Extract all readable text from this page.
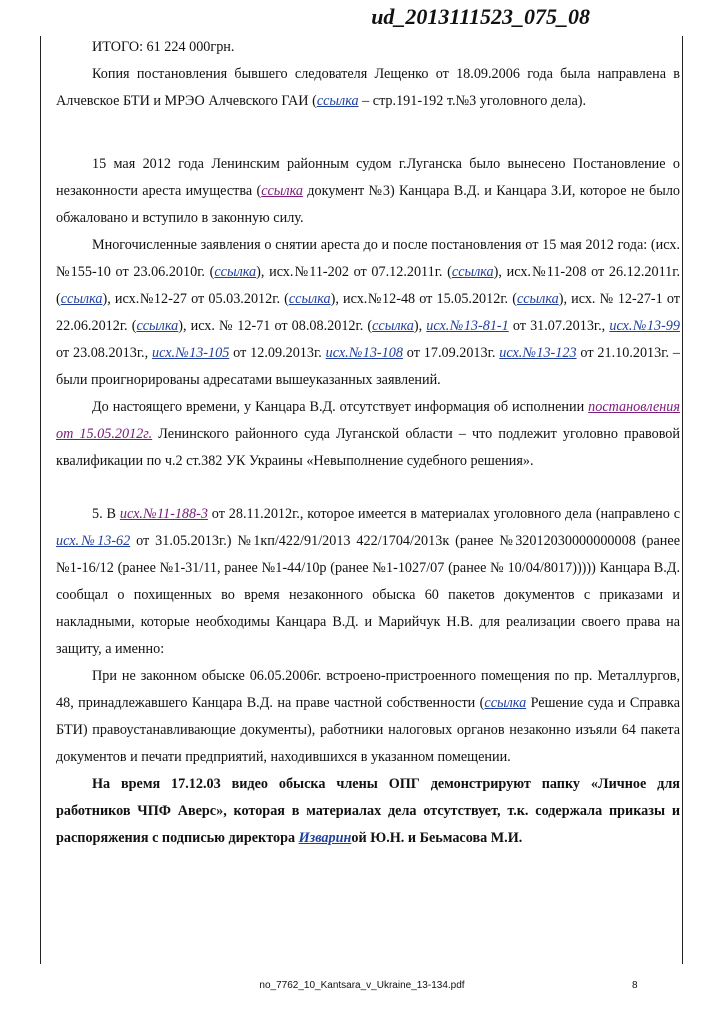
ud_2013111523_075_08

ИТОГО: 61 224 000грн.

Копия постановления бывшего следователя Лещенко от 18.09.2006 года была направлена в Алчевское БТИ и МРЭО Алчевского ГАИ (ссылка – стр.191-192 т.№3 уголовного дела).

15 мая 2012 года Ленинским районным судом г.Луганска было вынесено Постановление о незаконности ареста имущества (ссылка документ №3) Канцара В.Д. и Канцара З.И, которое не было обжаловано и вступило в законную силу.

Многочисленные заявления о снятии ареста до и после постановления от 15 мая 2012 года: (исх.№155-10 от 23.06.2010г. (ссылка), исх.№11-202 от 07.12.2011г. (ссылка), исх.№11-208 от 26.12.2011г. (ссылка), исх.№12-27 от 05.03.2012г. (ссылка), исх.№12-48 от 15.05.2012г. (ссылка), исх. № 12-27-1 от 22.06.2012г. (ссылка), исх. № 12-71 от 08.08.2012г. (ссылка), исх.№13-81-1 от 31.07.2013г., исх.№13-99 от 23.08.2013г., исх.№13-105 от 12.09.2013г. исх.№13-108 от 17.09.2013г. исх.№13-123 от 21.10.2013г. – были проигнорированы адресатами вышеуказанных заявлений.

До настоящего времени, у Канцара В.Д. отсутствует информация об исполнении постановления от 15.05.2012г. Ленинского районного суда Луганской области – что подлежит уголовно правовой квалификации по ч.2 ст.382 УК Украины «Невыполнение судебного решения».

5. В исх.№11-188-3 от 28.11.2012г., которое имеется в материалах уголовного дела (направлено с исх.№13-62 от 31.05.2013г.) №1кп/422/91/2013 422/1704/2013к (ранее №32012030000000008 (ранее №1-16/12 (ранее №1-31/11, ранее №1-44/10р (ранее №1-1027/07 (ранее № 10/04/8017))))) Канцара В.Д. сообщал о похищенных во время незаконного обыска 60 пакетов документов с приказами и накладными, которые необходимы Канцара В.Д. и Марийчук Н.В. для реализации своего права на защиту, а именно:

При не законном обыске 06.05.2006г. встроено-пристроенного помещения по пр. Металлургов, 48, принадлежавшего Канцара В.Д. на праве частной собственности (ссылка Решение суда и Справка БТИ) правоустанавливающие документы), работники налоговых органов незаконно изъяли 64 пакета документов и печати предприятий, находившихся в указанном помещении.

На время 17.12.03 видео обыска члены ОПГ демонстрируют папку «Личное для работников ЧПФ Аверс», которая в материалах дела отсутствует, т.к. содержала приказы и распоряжения с подписью директора Извариной Ю.Н. и Беьмасова М.И.

no_7762_10_Kantsara_v_Ukraine_13-134.pdf	8
